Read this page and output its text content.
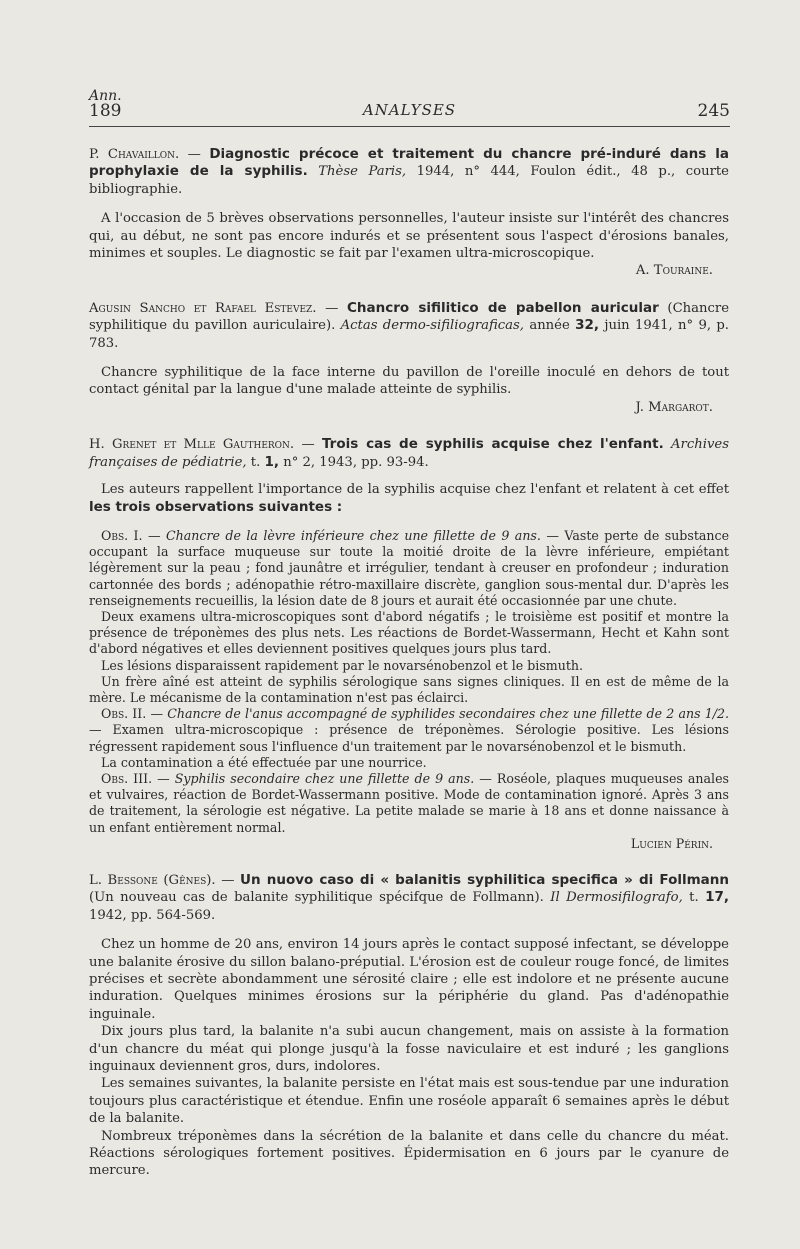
Ann.
189	ANALYSES	245
P. Chavaillon. — Diagnostic précoce et traitement du chancre pré-induré dans la prophylaxie de la syphilis. Thèse Paris, 1944, n° 444, Foulon édit., 48 p., courte bibliographie.

A l'occasion de 5 brèves observations personnelles, l'auteur insiste sur l'intérêt des chancres qui, au début, ne sont pas encore indurés et se présentent sous l'aspect d'érosions banales, minimes et souples. Le diagnostic se fait par l'examen ultra-microscopique.

A. Touraine.
Agusin Sancho et Rafael Estevez. — Chancro sifilitico de pabellon auricular (Chancre syphilitique du pavillon auriculaire). Actas dermo-sifiliograficas, année 32, juin 1941, n° 9, p. 783.

Chancre syphilitique de la face interne du pavillon de l'oreille inoculé en dehors de tout contact génital par la langue d'une malade atteinte de syphilis.

J. Margarot.
H. Grenet et Mlle Gautheron. — Trois cas de syphilis acquise chez l'enfant. Archives françaises de pédiatrie, t. 1, n° 2, 1943, pp. 93-94.

Les auteurs rappellent l'importance de la syphilis acquise chez l'enfant et relatent à cet effet les trois observations suivantes :

Obs. I. — Chancre de la lèvre inférieure chez une fillette de 9 ans. — Vaste perte de substance occupant la surface muqueuse sur toute la moitié droite de la lèvre inférieure, empiétant légèrement sur la peau ; fond jaunâtre et irrégulier, tendant à creuser en profondeur ; induration cartonnée des bords ; adénopathie rétro-maxillaire discrète, ganglion sous-mental dur. D'après les renseignements recueillis, la lésion date de 8 jours et aurait été occasionnée par une chute.

Deux examens ultra-microscopiques sont d'abord négatifs ; le troisième est positif et montre la présence de tréponèmes des plus nets. Les réactions de Bordet-Wassermann, Hecht et Kahn sont d'abord négatives et elles deviennent positives quelques jours plus tard.

Les lésions disparaissent rapidement par le novarsénobenzol et le bismuth.

Un frère aîné est atteint de syphilis sérologique sans signes cliniques. Il en est de même de la mère. Le mécanisme de la contamination n'est pas éclairci.

Obs. II. — Chancre de l'anus accompagné de syphilides secondaires chez une fillette de 2 ans 1/2. — Examen ultra-microscopique : présence de tréponèmes. Sérologie positive. Les lésions régressent rapidement sous l'influence d'un traitement par le novarsénobenzol et le bismuth.

La contamination a été effectuée par une nourrice.

Obs. III. — Syphilis secondaire chez une fillette de 9 ans. — Roséole, plaques muqueuses anales et vulvaires, réaction de Bordet-Wassermann positive. Mode de contamination ignoré. Après 3 ans de traitement, la sérologie est négative. La petite malade se marie à 18 ans et donne naissance à un enfant entièrement normal.

Lucien Périn.
L. Bessone (Gênes). — Un nuovo caso di « balanitis syphilitica specifica » di Follmann (Un nouveau cas de balanite syphilitique spécifque de Follmann). Il Dermosifilografo, t. 17, 1942, pp. 564-569.

Chez un homme de 20 ans, environ 14 jours après le contact supposé infectant, se développe une balanite érosive du sillon balano-préputial. L'érosion est de couleur rouge foncé, de limites précises et secrète abondamment une sérosité claire ; elle est indolore et ne présente aucune induration. Quelques minimes érosions sur la périphérie du gland. Pas d'adénopathie inguinale.

Dix jours plus tard, la balanite n'a subi aucun changement, mais on assiste à la formation d'un chancre du méat qui plonge jusqu'à la fosse naviculaire et est induré ; les ganglions inguinaux deviennent gros, durs, indolores.

Les semaines suivantes, la balanite persiste en l'état mais est sous-tendue par une induration toujours plus caractéristique et étendue. Enfin une roséole apparaît 6 semaines après le début de la balanite.

Nombreux tréponèmes dans la sécrétion de la balanite et dans celle du chancre du méat. Réactions sérologiques fortement positives. Épidermisation en 6 jours par le cyanure de mercure.
